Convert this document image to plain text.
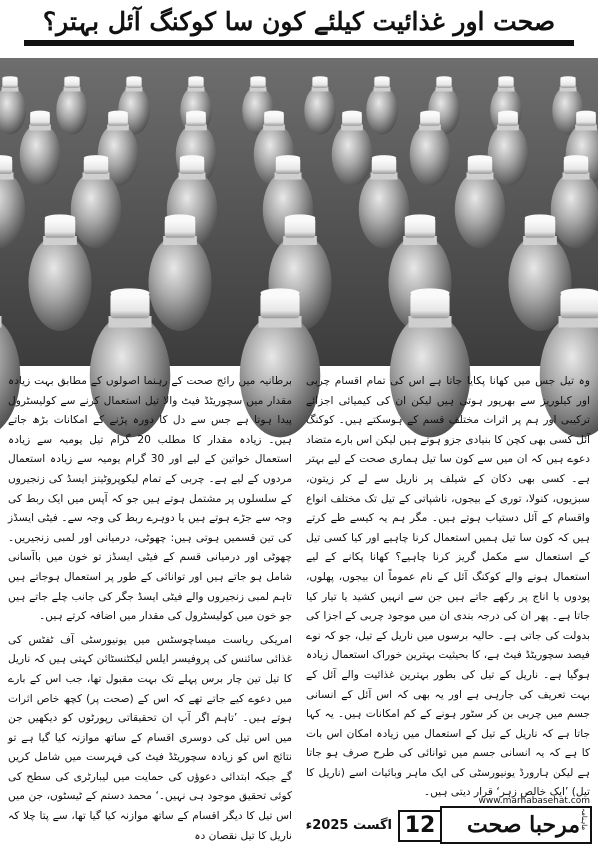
صحت اور غذائیت کیلئے کون سا کوکنگ آئل بہتر؟

وہ تیل جس میں کھانا پکایا جاتا ہے اس کی تمام اقسام چربی اور کیلوریز سے بھرپور ہوتی ہیں لیکن ان کی کیمیائی اجزائے ترکیبی اور ہم پر اثرات مختلف قسم کے ہوسکتے ہیں۔ کوکنگ آئل کسی بھی کچن کا بنیادی جزو ہوتے ہیں لیکن اس بارے متضاد دعوے ہیں کہ ان میں سے کون سا تیل ہماری صحت کے لیے بہتر ہے۔ کسی بھی دکان کے شیلف پر ناریل سے لے کر زیتون، سبزیوں، کنولا، توری کے بیجوں، ناشپاتی کے تیل تک مختلف انواع واقسام کے آئل دستیاب ہوتے ہیں۔ مگر ہم یہ کیسے طے کرتے ہیں کہ کون سا تیل ہمیں استعمال کرنا چاہیے اور کیا کسی تیل کے استعمال سے مکمل گریز کرنا چاہیے؟ کھانا پکانے کے لیے استعمال ہونے والے کوکنگ آئل کے نام عموماً ان بیجوں، پھلوں، پودوں یا اناج پر رکھے جاتے ہیں جن سے انہیں کشید یا تیار کیا جاتا ہے۔ پھر ان کی درجہ بندی ان میں موجود چربی کے اجزا کی بدولت کی جاتی ہے۔ حالیہ برسوں میں ناریل کے تیل، جو کہ نوے فیصد سچوریٹڈ فیٹ ہے، کا بحیثیت بہترین خوراک استعمال زیادہ ہوگیا ہے۔ ناریل کے تیل کی بطور بہترین غذائیت والے آئل کے بہت تعریف کی جارہی ہے اور یہ بھی کہ اس آئل کے انسانی جسم میں چربی بن کر سٹور ہونے کے کم امکانات ہیں۔ یہ کہا جاتا ہے کہ ناریل کے تیل کے استعمال میں زیادہ امکان اس بات کا ہے کہ یہ انسانی جسم میں توانائی کی طرح صرف ہو جاتا ہے لیکن ہارورڈ یونیورسٹی کی ایک ماہر وبائیات اسے (ناریل کا تیل) ’ایک خالص زہر‘ قرار دیتی ہیں۔

برطانیہ میں رائج صحت کے رہنما اصولوں کے مطابق بہت زیادہ مقدار میں سچوریٹڈ فیٹ والا تیل استعمال کرنے سے کولیسٹرول پیدا ہوتا ہے جس سے دل کا دورہ پڑنے کے امکانات بڑھ جاتے ہیں۔ زیادہ مقدار کا مطلب 20 گرام تیل یومیہ سے زیادہ استعمال خواتین کے لیے اور 30 گرام یومیہ سے زیادہ استعمال مردوں کے لیے ہے۔ چربی کے تمام لیکوپروٹینز ایسڈ کی زنجیروں کے سلسلوں پر مشتمل ہوتے ہیں جو کہ آپس میں ایک ربط کی وجہ سے جڑے ہوتے ہیں یا دوہرے ربط کی وجہ سے۔ فیٹی ایسڈز کی تین قسمیں ہوتی ہیں: چھوٹی، درمیانی اور لمبی زنجیریں۔ چھوٹی اور درمیانی قسم کے فیٹی ایسڈز تو خون میں باآسانی شامل ہو جاتے ہیں اور توانائی کے طور پر استعمال ہوجاتے ہیں تاہم لمبی زنجیروں والے فیٹی ایسڈ جگر کی جانب چلے جاتے ہیں جو خون میں کولیسٹرول کی مقدار میں اضافہ کرتے ہیں۔

امریکی ریاست میساچوسٹس میں یونیورسٹی آف ٹفٹس کی غذائی سائنس کی پروفیسر ایلس لیکٹنسٹائن کہتی ہیں کہ ناریل کا تیل تین چار برس پہلے تک بہت مقبول تھا، جب اس کے بارے میں دعوے کیے جاتے تھے کہ اس کے (صحت پر) کچھ خاص اثرات ہوتے ہیں۔ ’تاہم اگر آپ ان تحقیقاتی رپورٹوں کو دیکھیں جن میں اس تیل کی دوسری اقسام کے ساتھ موازنہ کیا گیا ہے تو نتائج اس کو زیادہ سچوریٹڈ فیٹ کی فہرست میں شامل کریں گے جبکہ ابتدائی دعوؤں کی حمایت میں لیبارٹری کی سطح کی کوئی تحقیق موجود ہی نہیں۔‘ محمد دستم کے ٹیسٹوں، جن میں اس تیل کا دیگر اقسام کے ساتھ موازنہ کیا گیا تھا، سے پتا چلا کہ ناریل کا تیل نقصان دہ

www.marhabasehat.com
ماہنامہ
مرحبا صحت
12
اگست 2025ء
